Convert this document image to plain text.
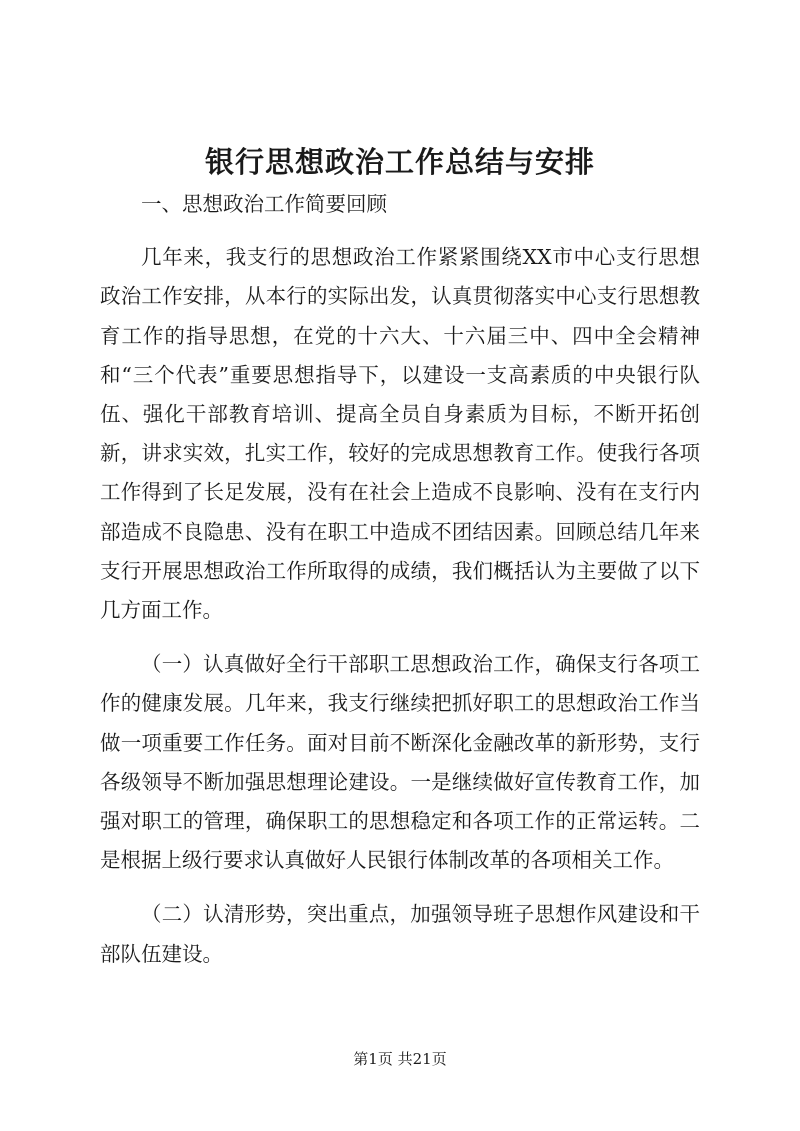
银行思想政治工作总结与安排

一、思想政治工作简要回顾

几年来，我支行的思想政治工作紧紧围绕XX市中心支行思想政治工作安排，从本行的实际出发，认真贯彻落实中心支行思想教育工作的指导思想，在党的十六大、十六届三中、四中全会精神和“三个代表”重要思想指导下，以建设一支高素质的中央银行队伍、强化干部教育培训、提高全员自身素质为目标，不断开拓创新，讲求实效，扎实工作，较好的完成思想教育工作。使我行各项工作得到了长足发展，没有在社会上造成不良影响、没有在支行内部造成不良隐患、没有在职工中造成不团结因素。回顾总结几年来支行开展思想政治工作所取得的成绩，我们概括认为主要做了以下几方面工作。

（一）认真做好全行干部职工思想政治工作，确保支行各项工作的健康发展。几年来，我支行继续把抓好职工的思想政治工作当做一项重要工作任务。面对目前不断深化金融改革的新形势，支行各级领导不断加强思想理论建设。一是继续做好宣传教育工作，加强对职工的管理，确保职工的思想稳定和各项工作的正常运转。二是根据上级行要求认真做好人民银行体制改革的各项相关工作。

（二）认清形势，突出重点，加强领导班子思想作风建设和干部队伍建设。

第1页 共21页
